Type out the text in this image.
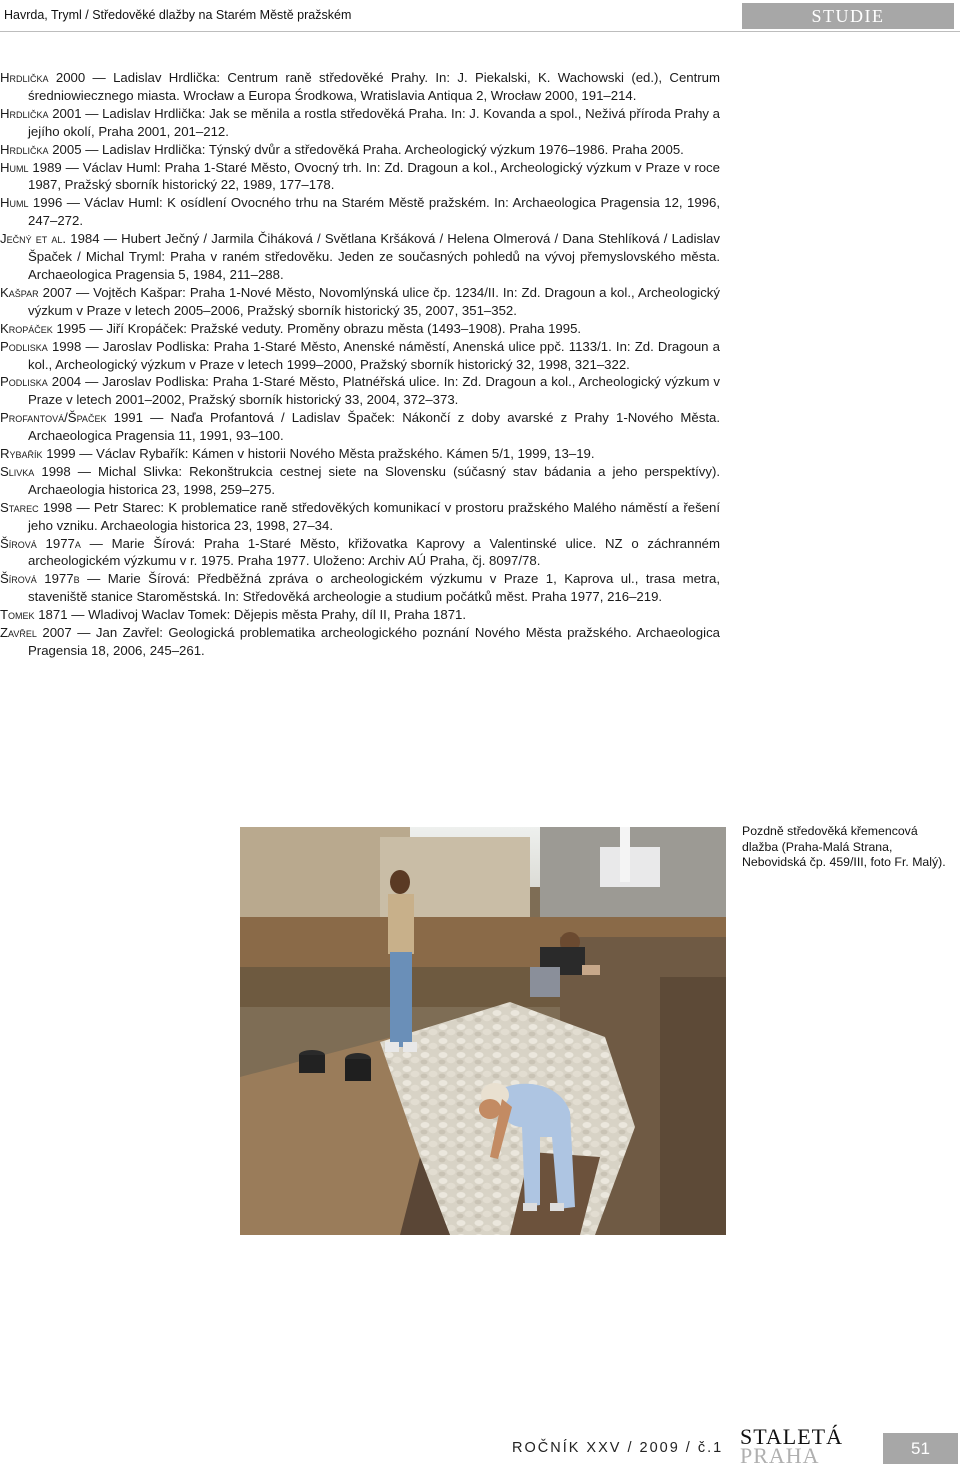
Havrda, Tryml / Středověké dlažby na Starém Městě pražském	STUDIE

Hrdlička 2000 — Ladislav Hrdlička: Centrum raně středověké Prahy. In: J. Piekalski, K. Wachowski (ed.), Centrum średniowiecznego miasta. Wrocław a Europa Środkowa, Wratislavia Antiqua 2, Wrocław 2000, 191–214.

Hrdlička 2001 — Ladislav Hrdlička: Jak se měnila a rostla středověká Praha. In: J. Kovanda a spol., Neživá příroda Prahy a jejího okolí, Praha 2001, 201–212.

Hrdlička 2005 — Ladislav Hrdlička: Týnský dvůr a středověká Praha. Archeologický výzkum 1976–1986. Praha 2005.

Huml 1989 — Václav Huml: Praha 1-Staré Město, Ovocný trh. In: Zd. Dragoun a kol., Archeologický výzkum v Praze v roce 1987, Pražský sborník historický 22, 1989, 177–178.

Huml 1996 — Václav Huml: K osídlení Ovocného trhu na Starém Městě pražském. In: Archaeologica Pragensia 12, 1996, 247–272.

Ječný et al. 1984 — Hubert Ječný / Jarmila Čiháková / Světlana Kršáková / Helena Olmerová / Dana Stehlíková / Ladislav Špaček / Michal Tryml: Praha v raném středověku. Jeden ze současných pohledů na vývoj přemyslovského města. Archaeologica Pragensia 5, 1984, 211–288.

Kašpar 2007 — Vojtěch Kašpar: Praha 1-Nové Město, Novomlýnská ulice čp. 1234/II. In: Zd. Dragoun a kol., Archeologický výzkum v Praze v letech 2005–2006, Pražský sborník historický 35, 2007, 351–352.

Kropáček 1995 — Jiří Kropáček: Pražské veduty. Proměny obrazu města (1493–1908). Praha 1995.

Podliska 1998 — Jaroslav Podliska: Praha 1-Staré Město, Anenské náměstí, Anenská ulice ppč. 1133/1. In: Zd. Dragoun a kol., Archeologický výzkum v Praze v letech 1999–2000, Pražský sborník historický 32, 1998, 321–322.

Podliska 2004 — Jaroslav Podliska: Praha 1-Staré Město, Platnéřská ulice. In: Zd. Dragoun a kol., Archeologický výzkum v Praze v letech 2001–2002, Pražský sborník historický 33, 2004, 372–373.

Profantová/Špaček 1991 — Naďa Profantová / Ladislav Špaček: Nákončí z doby avarské z Prahy 1-Nového Města. Archaeologica Pragensia 11, 1991, 93–100.

Rybařík 1999 — Václav Rybařík: Kámen v historii Nového Města pražského. Kámen 5/1, 1999, 13–19.

Slivka 1998 — Michal Slivka: Rekonštrukcia cestnej siete na Slovensku (súčasný stav bádania a jeho perspektívy). Archaeologia historica 23, 1998, 259–275.

Starec 1998 — Petr Starec: K problematice raně středověkých komunikací v prostoru pražského Malého náměstí a řešení jeho vzniku. Archaeologia historica 23, 1998, 27–34.

Šírová 1977a — Marie Šírová: Praha 1-Staré Město, křižovatka Kaprovy a Valentinské ulice. NZ o záchranném archeologickém výzkumu v r. 1975. Praha 1977. Uloženo: Archiv AÚ Praha, čj. 8097/78.

Šírová 1977b — Marie Šírová: Předběžná zpráva o archeologickém výzkumu v Praze 1, Kaprova ul., trasa metra, staveniště stanice Staroměstská. In: Středověká archeologie a studium počátků měst. Praha 1977, 216–219.

Tomek 1871 — Wladivoj Waclav Tomek: Dějepis města Prahy, díl II, Praha 1871.

Zavřel 2007 — Jan Zavřel: Geologická problematika archeologického poznání Nového Města pražského. Archaeologica Pragensia 18, 2006, 245–261.

Pozdně středověká křemencová dlažba (Praha-Malá Strana, Nebovidská čp. 459/III, foto Fr. Malý).

ROČNÍK XXV / 2009 / č.1 STALETÁ
PRAHA	51
